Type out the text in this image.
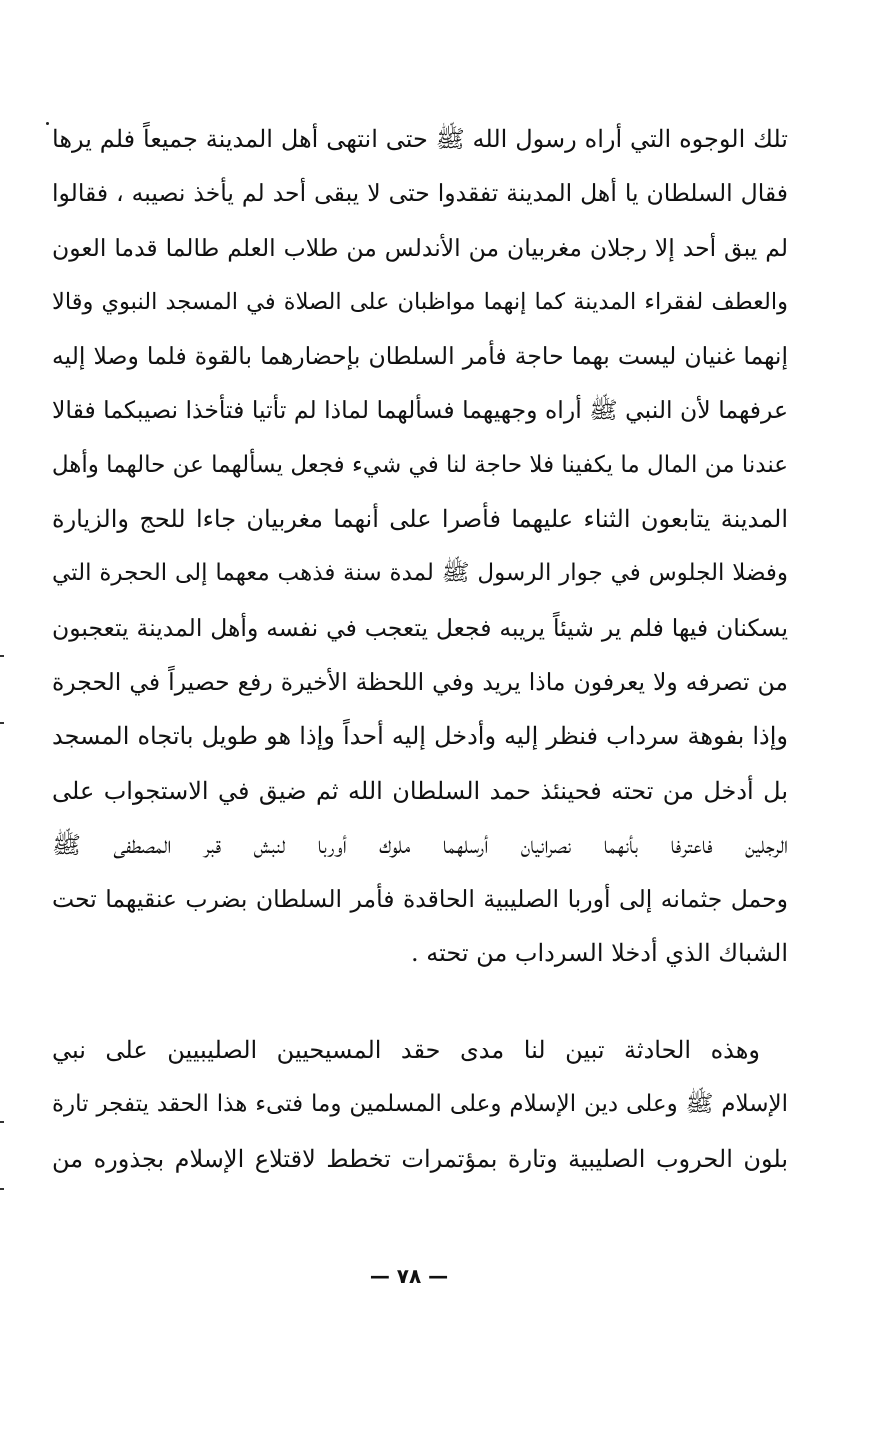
تلك الوجوه التي أراه رسول الله ﷺ حتى انتهى أهل المدينة جميعاً فلم يرها
فقال السلطان يا أهل المدينة تفقدوا حتى لا يبقى أحد لم يأخذ نصيبه ، فقالوا
لم يبق أحد إلا رجلان مغربيان من الأندلس من طلاب العلم طالما قدما العون
والعطف لفقراء المدينة كما إنهما مواظبان على الصلاة في المسجد النبوي وقالا
إنهما غنيان ليست بهما حاجة فأمر السلطان بإحضارهما بالقوة فلما وصلا إليه
عرفهما لأن النبي ﷺ أراه وجهيهما فسألهما لماذا لم تأتيا فتأخذا نصيبكما فقالا
عندنا من المال ما يكفينا فلا حاجة لنا في شيء فجعل يسألهما عن حالهما وأهل
المدينة يتابعون الثناء عليهما فأصرا على أنهما مغربيان جاءا للحج والزيارة
وفضلا الجلوس في جوار الرسول ﷺ لمدة سنة فذهب معهما إلى الحجرة التي
يسكنان فيها فلم ير شيئاً يريبه فجعل يتعجب في نفسه وأهل المدينة يتعجبون
من تصرفه ولا يعرفون ماذا يريد وفي اللحظة الأخيرة رفع حصيراً في الحجرة
وإذا بفوهة سرداب فنظر إليه وأدخل إليه أحداً وإذا هو طويل باتجاه المسجد
بل أدخل من تحته فحينئذ حمد السلطان الله ثم ضيق في الاستجواب على
الرجلين فاعترفا بأنهما نصرانيان أرسلهما ملوك أوربا لنبش قبر المصطفى ﷺ
وحمل جثمانه إلى أوربا الصليبية الحاقدة فأمر السلطان بضرب عنقيهما تحت
الشباك الذي أدخلا السرداب من تحته .
وهذه الحادثة تبين لنا مدى حقد المسيحيين الصليبيين على نبي
الإسلام ﷺ وعلى دين الإسلام وعلى المسلمين وما فتىء هذا الحقد يتفجر تارة
بلون الحروب الصليبية وتارة بمؤتمرات تخطط لاقتلاع الإسلام بجذوره من
— ٧٨ —
